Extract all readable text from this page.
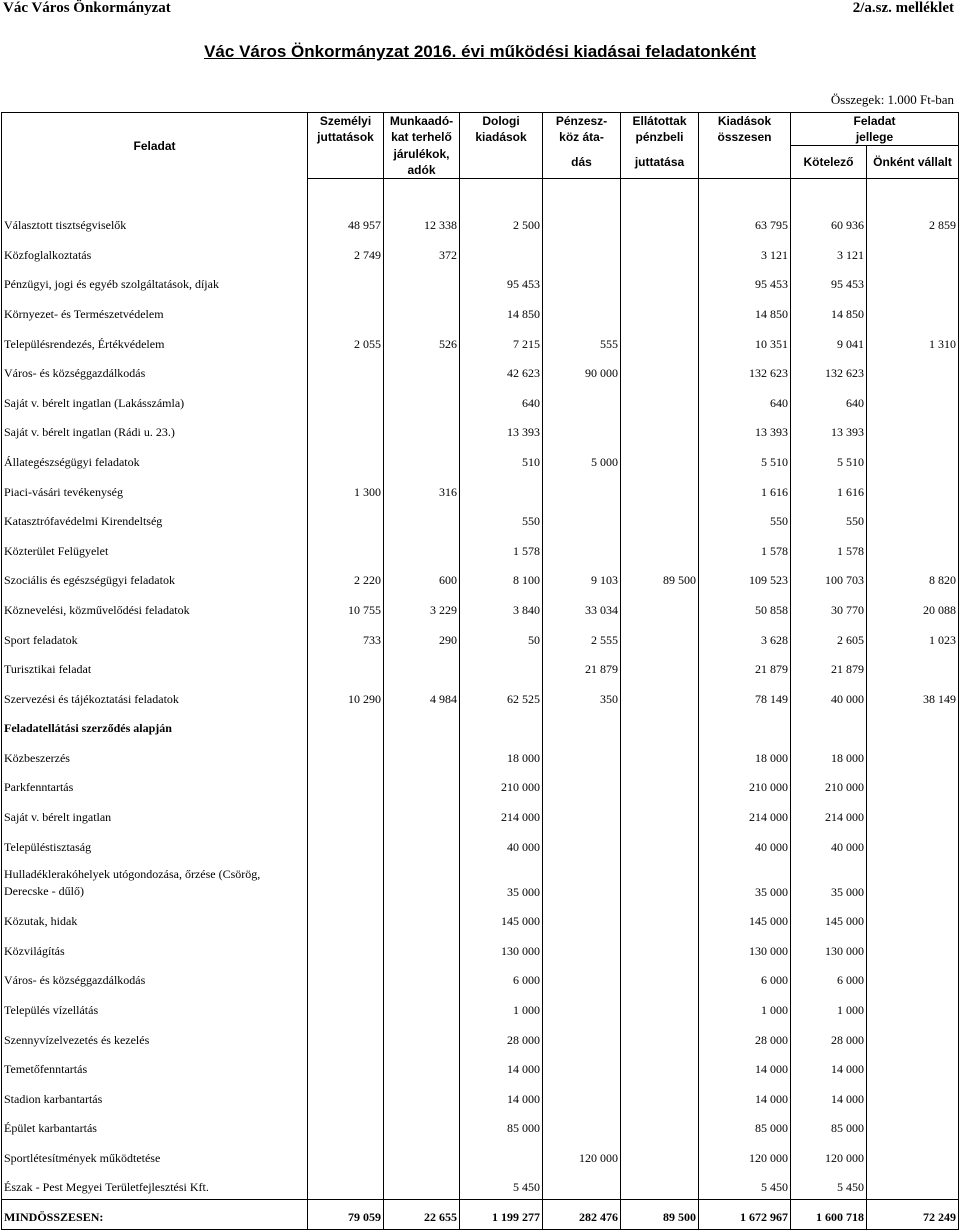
Vác Város Önkormányzat	2/a.sz. melléklet
Vác Város Önkormányzat 2016. évi működési kiadásai feladatonként
Összegek: 1.000 Ft-ban
Feladat	Személyi	Munkaadó-	Dologi	Pénzesz-	Ellátottak	Kiadások	Feladat	
	juttatások	kat terhelő	kiadások	köz áta-	pénzbeli	összesen	jellege	
		járulékok, adók		dás	juttatása		Kötelező	Önként vállalt

Választott tisztségviselők	48 957	12 338	2 500			63 795	60 936	2 859
Közfoglalkoztatás	2 749	372				3 121	3 121	
Pénzügyi, jogi és egyéb szolgáltatások, díjak			95 453			95 453	95 453	
Környezet- és Természetvédelem			14 850			14 850	14 850	
Településrendezés, Értékvédelem	2 055	526	7 215	555		10 351	9 041	1 310
Város- és községgazdálkodás			42 623	90 000		132 623	132 623	
Saját v. bérelt ingatlan (Lakásszámla)			640			640	640	
Saját v. bérelt ingatlan (Rádi u. 23.)			13 393			13 393	13 393	
Állategészségügyi feladatok			510	5 000		5 510	5 510	
Piaci-vásári tevékenység	1 300	316				1 616	1 616	
Katasztrófavédelmi Kirendeltség			550			550	550	
Közterület Felügyelet			1 578			1 578	1 578	
Szociális és egészségügyi feladatok	2 220	600	8 100	9 103	89 500	109 523	100 703	8 820
Köznevelési, közművelődési feladatok	10 755	3 229	3 840	33 034		50 858	30 770	20 088
Sport feladatok	733	290	50	2 555		3 628	2 605	1 023
Turisztikai feladat				21 879		21 879	21 879	
Szervezési és tájékoztatási feladatok	10 290	4 984	62 525	350		78 149	40 000	38 149
Feladatellátási szerződés alapján								
Közbeszerzés			18 000			18 000	18 000	
Parkfenntartás			210 000			210 000	210 000	
Saját v. bérelt ingatlan			214 000			214 000	214 000	
Településtisztaság			40 000			40 000	40 000	
Hulladéklerakóhelyek utógondozása, őrzése (Csörög, Derecske - dűlő)			35 000			35 000	35 000	
Közutak, hidak			145 000			145 000	145 000	
Közvilágítás			130 000			130 000	130 000	
Város- és községgazdálkodás			6 000			6 000	6 000	
Település vízellátás			1 000			1 000	1 000	
Szennyvízelvezetés és kezelés			28 000			28 000	28 000	
Temetőfenntartás			14 000			14 000	14 000	
Stadion karbantartás			14 000			14 000	14 000	
Épület karbantartás			85 000			85 000	85 000	
Sportlétesítmények működtetése				120 000		120 000	120 000	
Észak - Pest Megyei Területfejlesztési Kft.			5 450			5 450	5 450	
MINDÖSSZESEN:	79 059	22 655	1 199 277	282 476	89 500	1 672 967	1 600 718	72 249
